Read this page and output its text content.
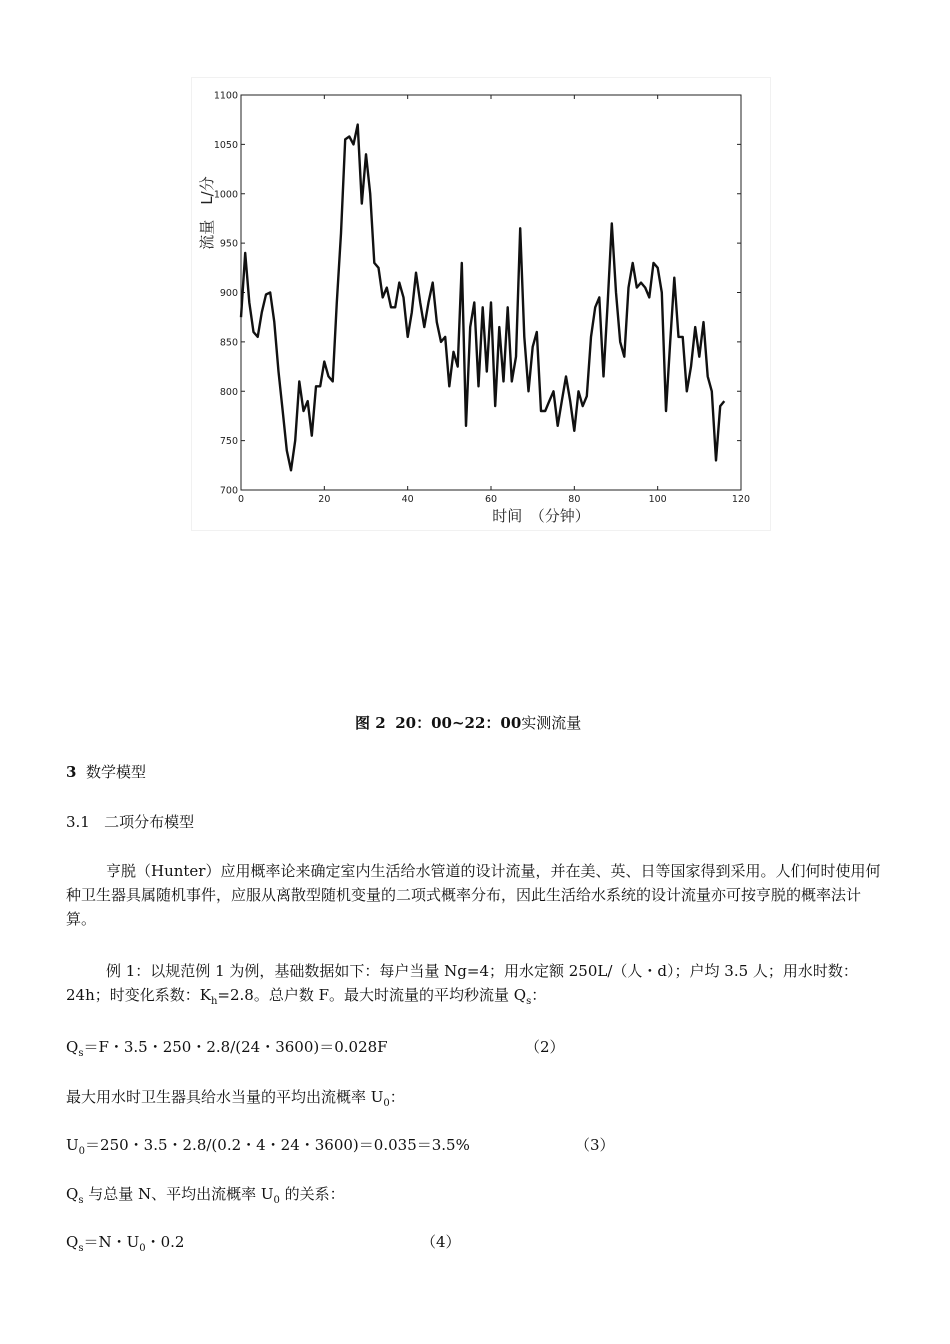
0	20	40	60	80	100	120
700
750
800
850
900
950
1000
1050
1100
时间　（分钟）
流量　L/分
图 2 20：00~22：00实测流量
3 数学模型
3.1 二项分布模型
亨脱（Hunter）应用概率论来确定室内生活给水管道的设计流量，并在美、英、日等国家得到采用。人们何时使用何种卫生器具属随机事件，应服从离散型随机变量的二项式概率分布，因此生活给水系统的设计流量亦可按亨脱的概率法计算。
例 1：以规范例 1 为例，基础数据如下：每户当量 Ng=4；用水定额 250L/（人・d）；户均 3.5 人；用水时数：24h；时变化系数：$K_h=2.8$。总户数 F。最大时流量的平均秒流量 $Q_s$：
$Q_s=F$・3.5・250・2.8/(24・3600)＝0.028F	（2）
最大用水时卫生器具给水当量的平均出流概率 $U_0$：
$U_0=250$・3.5・2.8/(0.2・4・24・3600)＝0.035＝3.5%	（3）
$Q_s$ 与总量 N、平均出流概率 $U_0$ 的关系：
$Q_s=N$・$U_0$・0.2	（4）
